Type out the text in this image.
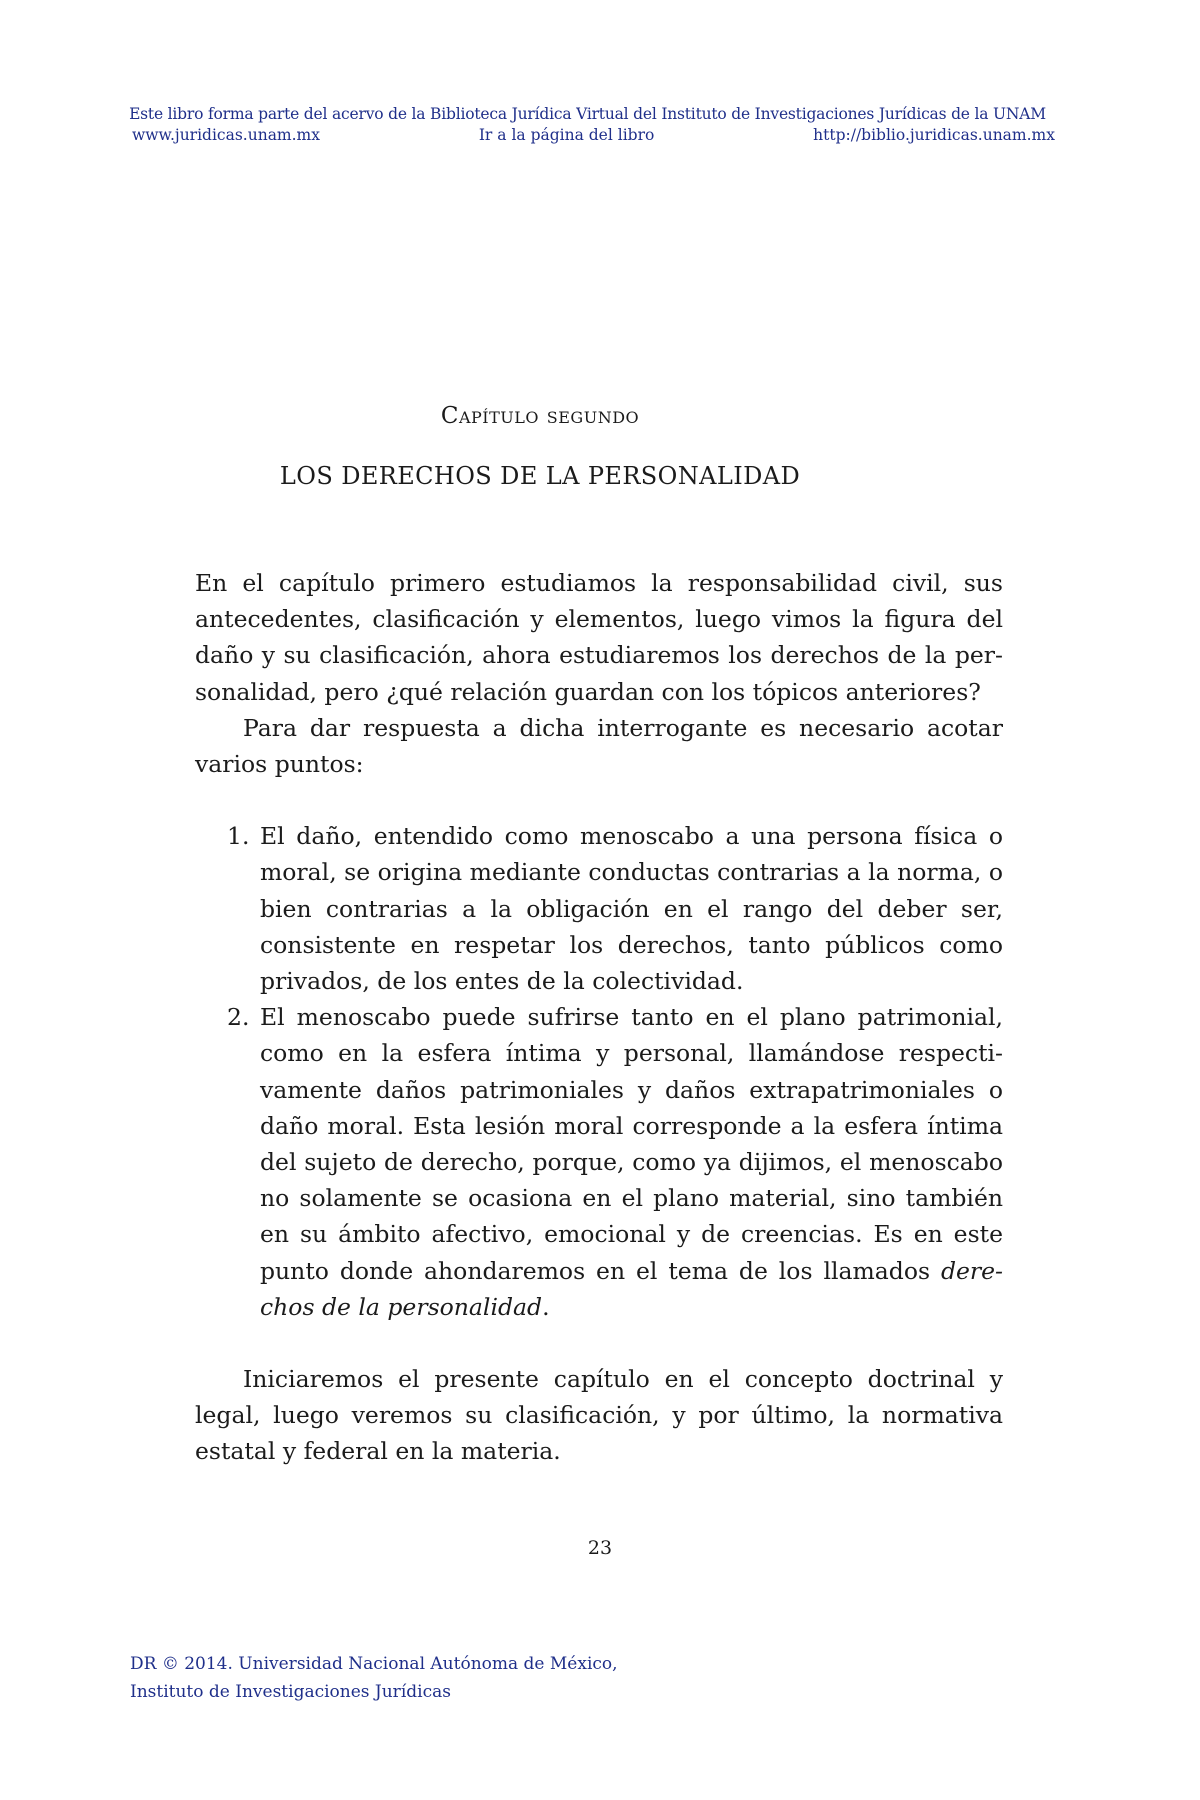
Este libro forma parte del acervo de la Biblioteca Jurídica Virtual del Instituto de Investigaciones Jurídicas de la UNAM
www.juridicas.unam.mx	Ir a la página del libro	http://biblio.juridicas.unam.mx
Capítulo segundo
LOS DERECHOS DE LA PERSONALIDAD

En el capítulo primero estudiamos la responsabilidad civil, sus antecedentes, clasificación y elementos, luego vimos la figura del daño y su clasificación, ahora estudiaremos los derechos de la personalidad, pero ¿qué relación guardan con los tópicos anteriores?

Para dar respuesta a dicha interrogante es necesario acotar varios puntos:

1. El daño, entendido como menoscabo a una persona física o moral, se origina mediante conductas contrarias a la norma, o bien contrarias a la obligación en el rango del deber ser, consistente en respetar los derechos, tanto públicos como privados, de los entes de la colectividad.
2. El menoscabo puede sufrirse tanto en el plano patrimonial, como en la esfera íntima y personal, llamándose respectivamente daños patrimoniales y daños extrapatrimoniales o daño moral. Esta lesión moral corresponde a la esfera íntima del sujeto de derecho, porque, como ya dijimos, el menoscabo no solamente se ocasiona en el plano material, sino también en su ámbito afectivo, emocional y de creencias. Es en este punto donde ahondaremos en el tema de los llamados derechos de la personalidad.

Iniciaremos el presente capítulo en el concepto doctrinal y legal, luego veremos su clasificación, y por último, la normativa estatal y federal en la materia.

23
DR © 2014. Universidad Nacional Autónoma de México,
Instituto de Investigaciones Jurídicas
